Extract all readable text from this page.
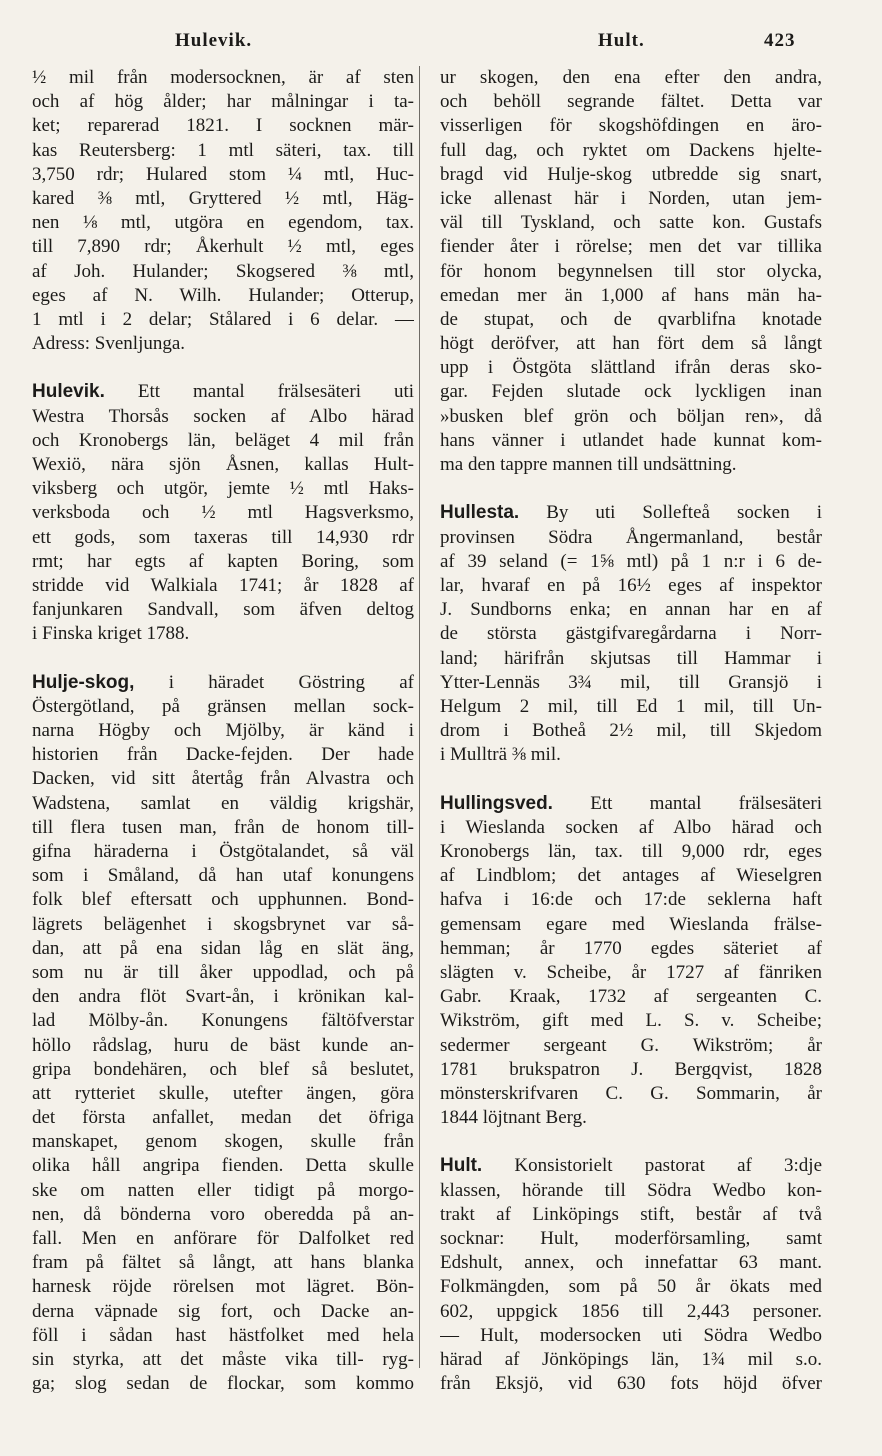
Hulevik.	Hult.	423
½ mil från modersocknen, är af sten
och af hög ålder; har målningar i ta-
ket; reparerad 1821. I socknen mär-
kas Reutersberg: 1 mtl säteri, tax. till
3,750 rdr; Hulared stom ¼ mtl, Huc-
kared ⅜ mtl, Gryttered ½ mtl, Häg-
nen ⅛ mtl, utgöra en egendom, tax.
till 7,890 rdr; Åkerhult ½ mtl, eges
af Joh. Hulander; Skogsered ⅜ mtl,
eges af N. Wilh. Hulander; Otterup,
1 mtl i 2 delar; Stålared i 6 delar. —
Adress: Svenljunga.
Hulevik. Ett mantal frälsesäteri uti
Westra Thorsås socken af Albo härad
och Kronobergs län, beläget 4 mil från
Wexiö, nära sjön Åsnen, kallas Hult-
viksberg och utgör, jemte ½ mtl Haks-
verksboda och ½ mtl Hagsverksmo,
ett gods, som taxeras till 14,930 rdr
rmt; har egts af kapten Boring, som
stridde vid Walkiala 1741; år 1828 af
fanjunkaren Sandvall, som äfven deltog
i Finska kriget 1788.
Hulje-skog, i häradet Göstring af
Östergötland, på gränsen mellan sock-
narna Högby och Mjölby, är känd i
historien från Dacke-fejden. Der hade
Dacken, vid sitt återtåg från Alvastra och
Wadstena, samlat en väldig krigshär,
till flera tusen man, från de honom till-
gifna häraderna i Östgötalandet, så väl
som i Småland, då han utaf konungens
folk blef eftersatt och upphunnen. Bond-
lägrets belägenhet i skogsbrynet var så-
dan, att på ena sidan låg en slät äng,
som nu är till åker uppodlad, och på
den andra flöt Svart-ån, i krönikan kal-
lad Mölby-ån. Konungens fältöfverstar
höllo rådslag, huru de bäst kunde an-
gripa bondehären, och blef så beslutet,
att rytteriet skulle, utefter ängen, göra
det första anfallet, medan det öfriga
manskapet, genom skogen, skulle från
olika håll angripa fienden. Detta skulle
ske om natten eller tidigt på morgo-
nen, då bönderna voro oberedda på an-
fall. Men en anförare för Dalfolket red
fram på fältet så långt, att hans blanka
harnesk röjde rörelsen mot lägret. Bön-
derna väpnade sig fort, och Dacke an-
föll i sådan hast hästfolket med hela
sin styrka, att det måste vika till- ryg-
ga; slog sedan de flockar, som kommo
ur skogen, den ena efter den andra,
och behöll segrande fältet. Detta var
visserligen för skogshöfdingen en äro-
full dag, och ryktet om Dackens hjelte-
bragd vid Hulje-skog utbredde sig snart,
icke allenast här i Norden, utan jem-
väl till Tyskland, och satte kon. Gustafs
fiender åter i rörelse; men det var tillika
för honom begynnelsen till stor olycka,
emedan mer än 1,000 af hans män ha-
de stupat, och de qvarblifna knotade
högt deröfver, att han fört dem så långt
upp i Östgöta slättland ifrån deras sko-
gar. Fejden slutade ock lyckligen inan
»busken blef grön och böljan ren», då
hans vänner i utlandet hade kunnat kom-
ma den tappre mannen till undsättning.
Hullesta. By uti Sollefteå socken i
provinsen Södra Ångermanland, består
af 39 seland (= 1⅝ mtl) på 1 n:r i 6 de-
lar, hvaraf en på 16½ eges af inspektor
J. Sundborns enka; en annan har en af
de största gästgifvaregårdarna i Norr-
land; härifrån skjutsas till Hammar i
Ytter-Lennäs 3¾ mil, till Gransjö i
Helgum 2 mil, till Ed 1 mil, till Un-
drom i Botheå 2½ mil, till Skjedom
i Mullträ ⅜ mil.
Hullingsved. Ett mantal frälsesäteri
i Wieslanda socken af Albo härad och
Kronobergs län, tax. till 9,000 rdr, eges
af Lindblom; det antages af Wieselgren
hafva i 16:de och 17:de seklerna haft
gemensam egare med Wieslanda frälse-
hemman; år 1770 egdes säteriet af
slägten v. Scheibe, år 1727 af fänriken
Gabr. Kraak, 1732 af sergeanten C.
Wikström, gift med L. S. v. Scheibe;
sedermer sergeant G. Wikström; år
1781 brukspatron J. Bergqvist, 1828
mönsterskrifvaren C. G. Sommarin, år
1844 löjtnant Berg.
Hult. Konsistorielt pastorat af 3:dje
klassen, hörande till Södra Wedbo kon-
trakt af Linköpings stift, består af två
socknar: Hult, moderförsamling, samt
Edshult, annex, och innefattar 63 mant.
Folkmängden, som på 50 år ökats med
602, uppgick 1856 till 2,443 personer.
— Hult, modersocken uti Södra Wedbo
härad af Jönköpings län, 1¾ mil s.o.
från Eksjö, vid 630 fots höjd öfver
